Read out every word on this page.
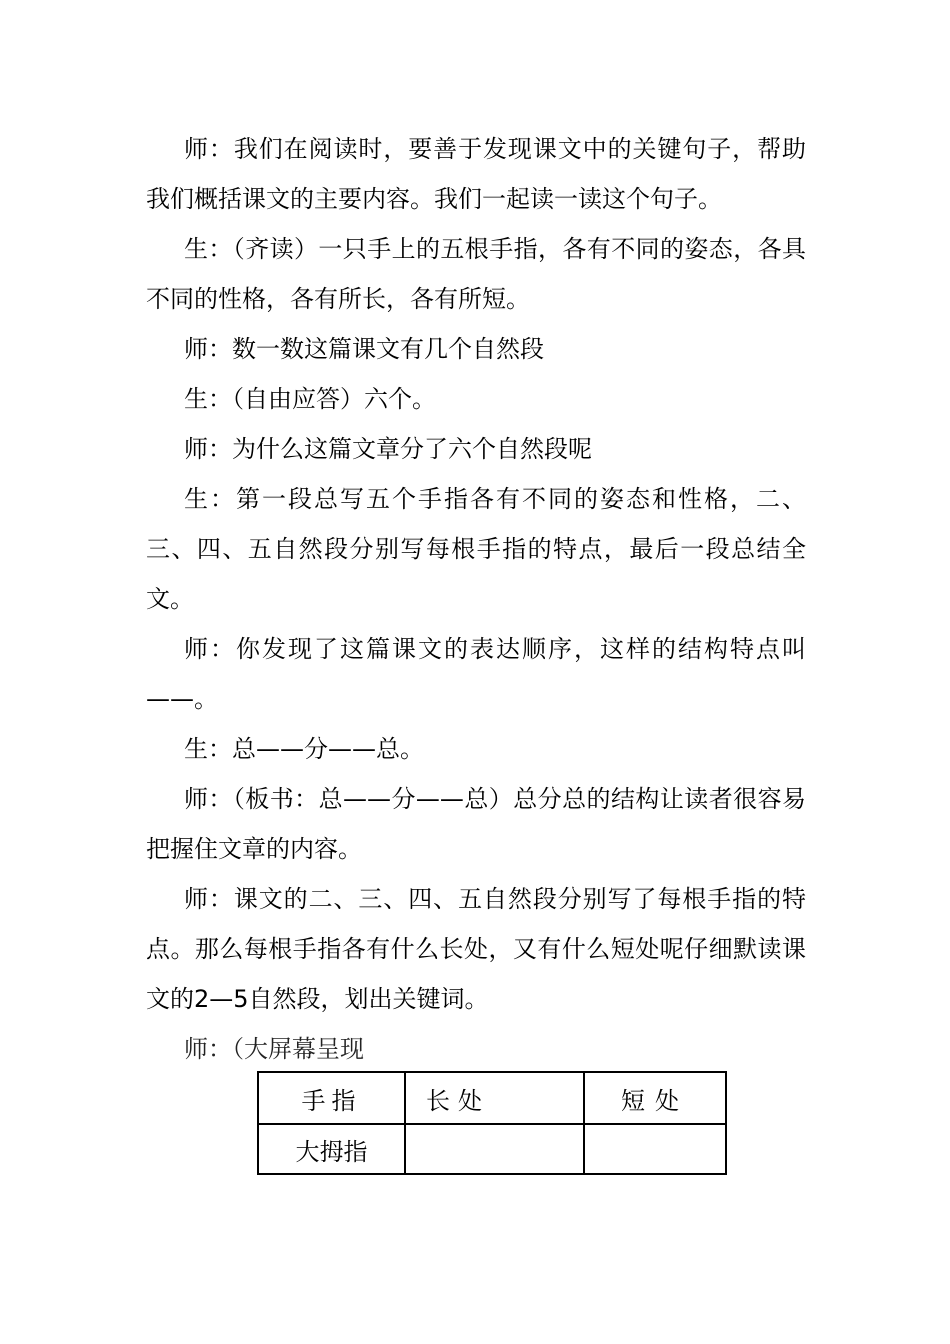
师：我们在阅读时，要善于发现课文中的关键句子，帮助我们概括课文的主要内容。我们一起读一读这个句子。

生：（齐读）一只手上的五根手指，各有不同的姿态，各具不同的性格，各有所长，各有所短。

师：数一数这篇课文有几个自然段

生：（自由应答）六个。

师：为什么这篇文章分了六个自然段呢

生：第一段总写五个手指各有不同的姿态和性格，二、三、四、五自然段分别写每根手指的特点，最后一段总结全文。

师：你发现了这篇课文的表达顺序，这样的结构特点叫——。

生：总——分——总。

师：（板书：总——分——总）总分总的结构让读者很容易把握住文章的内容。

师：课文的二、三、四、五自然段分别写了每根手指的特点。那么每根手指各有什么长处，又有什么短处呢仔细默读课文的2—5自然段，划出关键词。

师：（大屏幕呈现

手指	长处	短处
大拇指		
